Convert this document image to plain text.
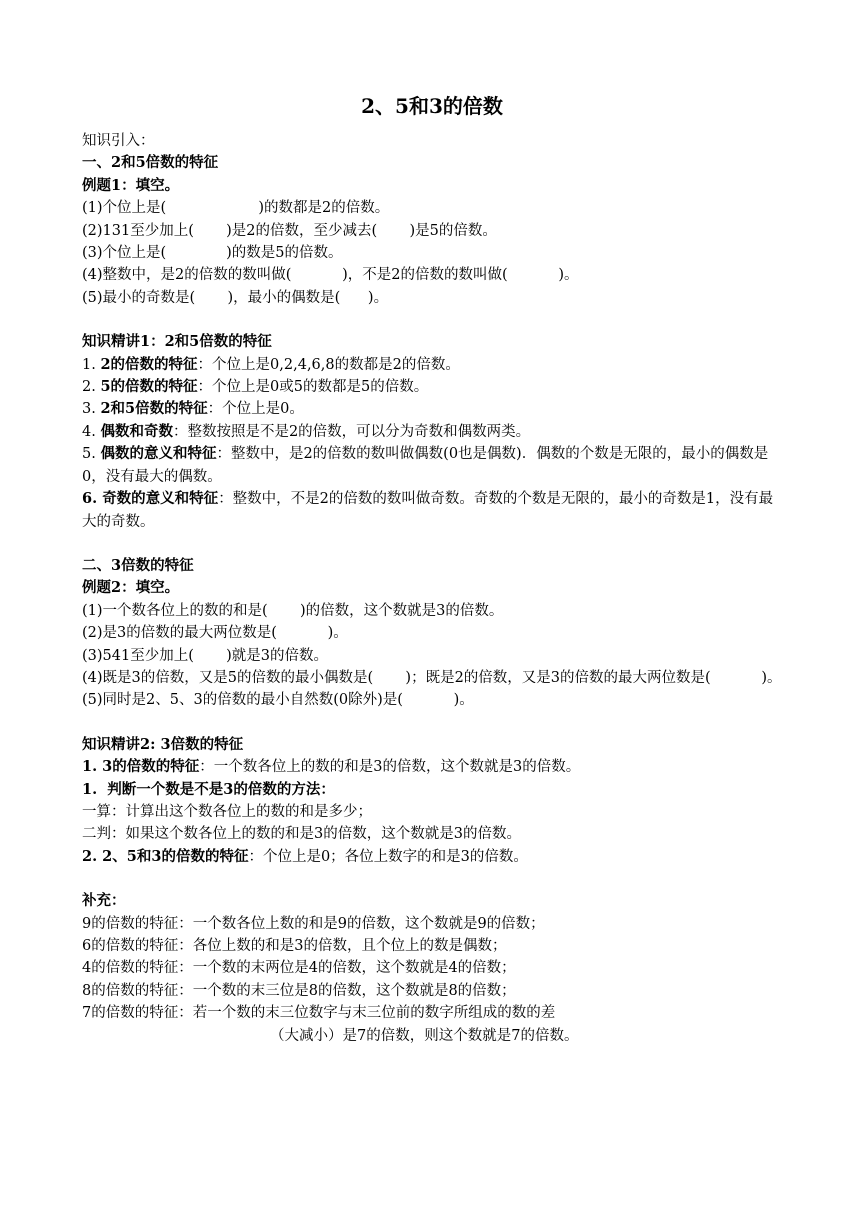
2、5和3的倍数
知识引入：
一、2和5倍数的特征
例题1：填空。
(1)个位上是(                    )的数都是2的倍数。
(2)131至少加上(       )是2的倍数，至少减去(       )是5的倍数。
(3)个位上是(             )的数是5的倍数。
(4)整数中，是2的倍数的数叫做(           )，不是2的倍数的数叫做(           )。
(5)最小的奇数是(       )，最小的偶数是(      )。
知识精讲1：2和5倍数的特征
1. 2的倍数的特征：个位上是0,2,4,6,8的数都是2的倍数。
2. 5的倍数的特征：个位上是0或5的数都是5的倍数。
3. 2和5倍数的特征：个位上是0。
4. 偶数和奇数：整数按照是不是2的倍数，可以分为奇数和偶数两类。
5. 偶数的意义和特征：整数中，是2的倍数的数叫做偶数(0也是偶数)．偶数的个数是无限的，最小的偶数是0，没有最大的偶数。
6. 奇数的意义和特征：整数中，不是2的倍数的数叫做奇数。奇数的个数是无限的，最小的奇数是1，没有最大的奇数。
二、3倍数的特征
例题2：填空。
(1)一个数各位上的数的和是(       )的倍数，这个数就是3的倍数。
(2)是3的倍数的最大两位数是(           )。
(3)541至少加上(       )就是3的倍数。
(4)既是3的倍数，又是5的倍数的最小偶数是(       )；既是2的倍数，又是3的倍数的最大两位数是(           )。
(5)同时是2、5、3的倍数的最小自然数(0除外)是(           )。
知识精讲2: 3倍数的特征
1. 3的倍数的特征：一个数各位上的数的和是3的倍数，这个数就是3的倍数。
1.  判断一个数是不是3的倍数的方法：
一算：计算出这个数各位上的数的和是多少；
二判：如果这个数各位上的数的和是3的倍数，这个数就是3的倍数。
2. 2、5和3的倍数的特征：个位上是0；各位上数字的和是3的倍数。
补充：
9的倍数的特征：一个数各位上数的和是9的倍数，这个数就是9的倍数；
6的倍数的特征：各位上数的和是3的倍数，且个位上的数是偶数；
4的倍数的特征：一个数的末两位是4的倍数，这个数就是4的倍数；
8的倍数的特征：一个数的末三位是8的倍数，这个数就是8的倍数；
7的倍数的特征：若一个数的末三位数字与末三位前的数字所组成的数的差
（大减小）是7的倍数，则这个数就是7的倍数。
